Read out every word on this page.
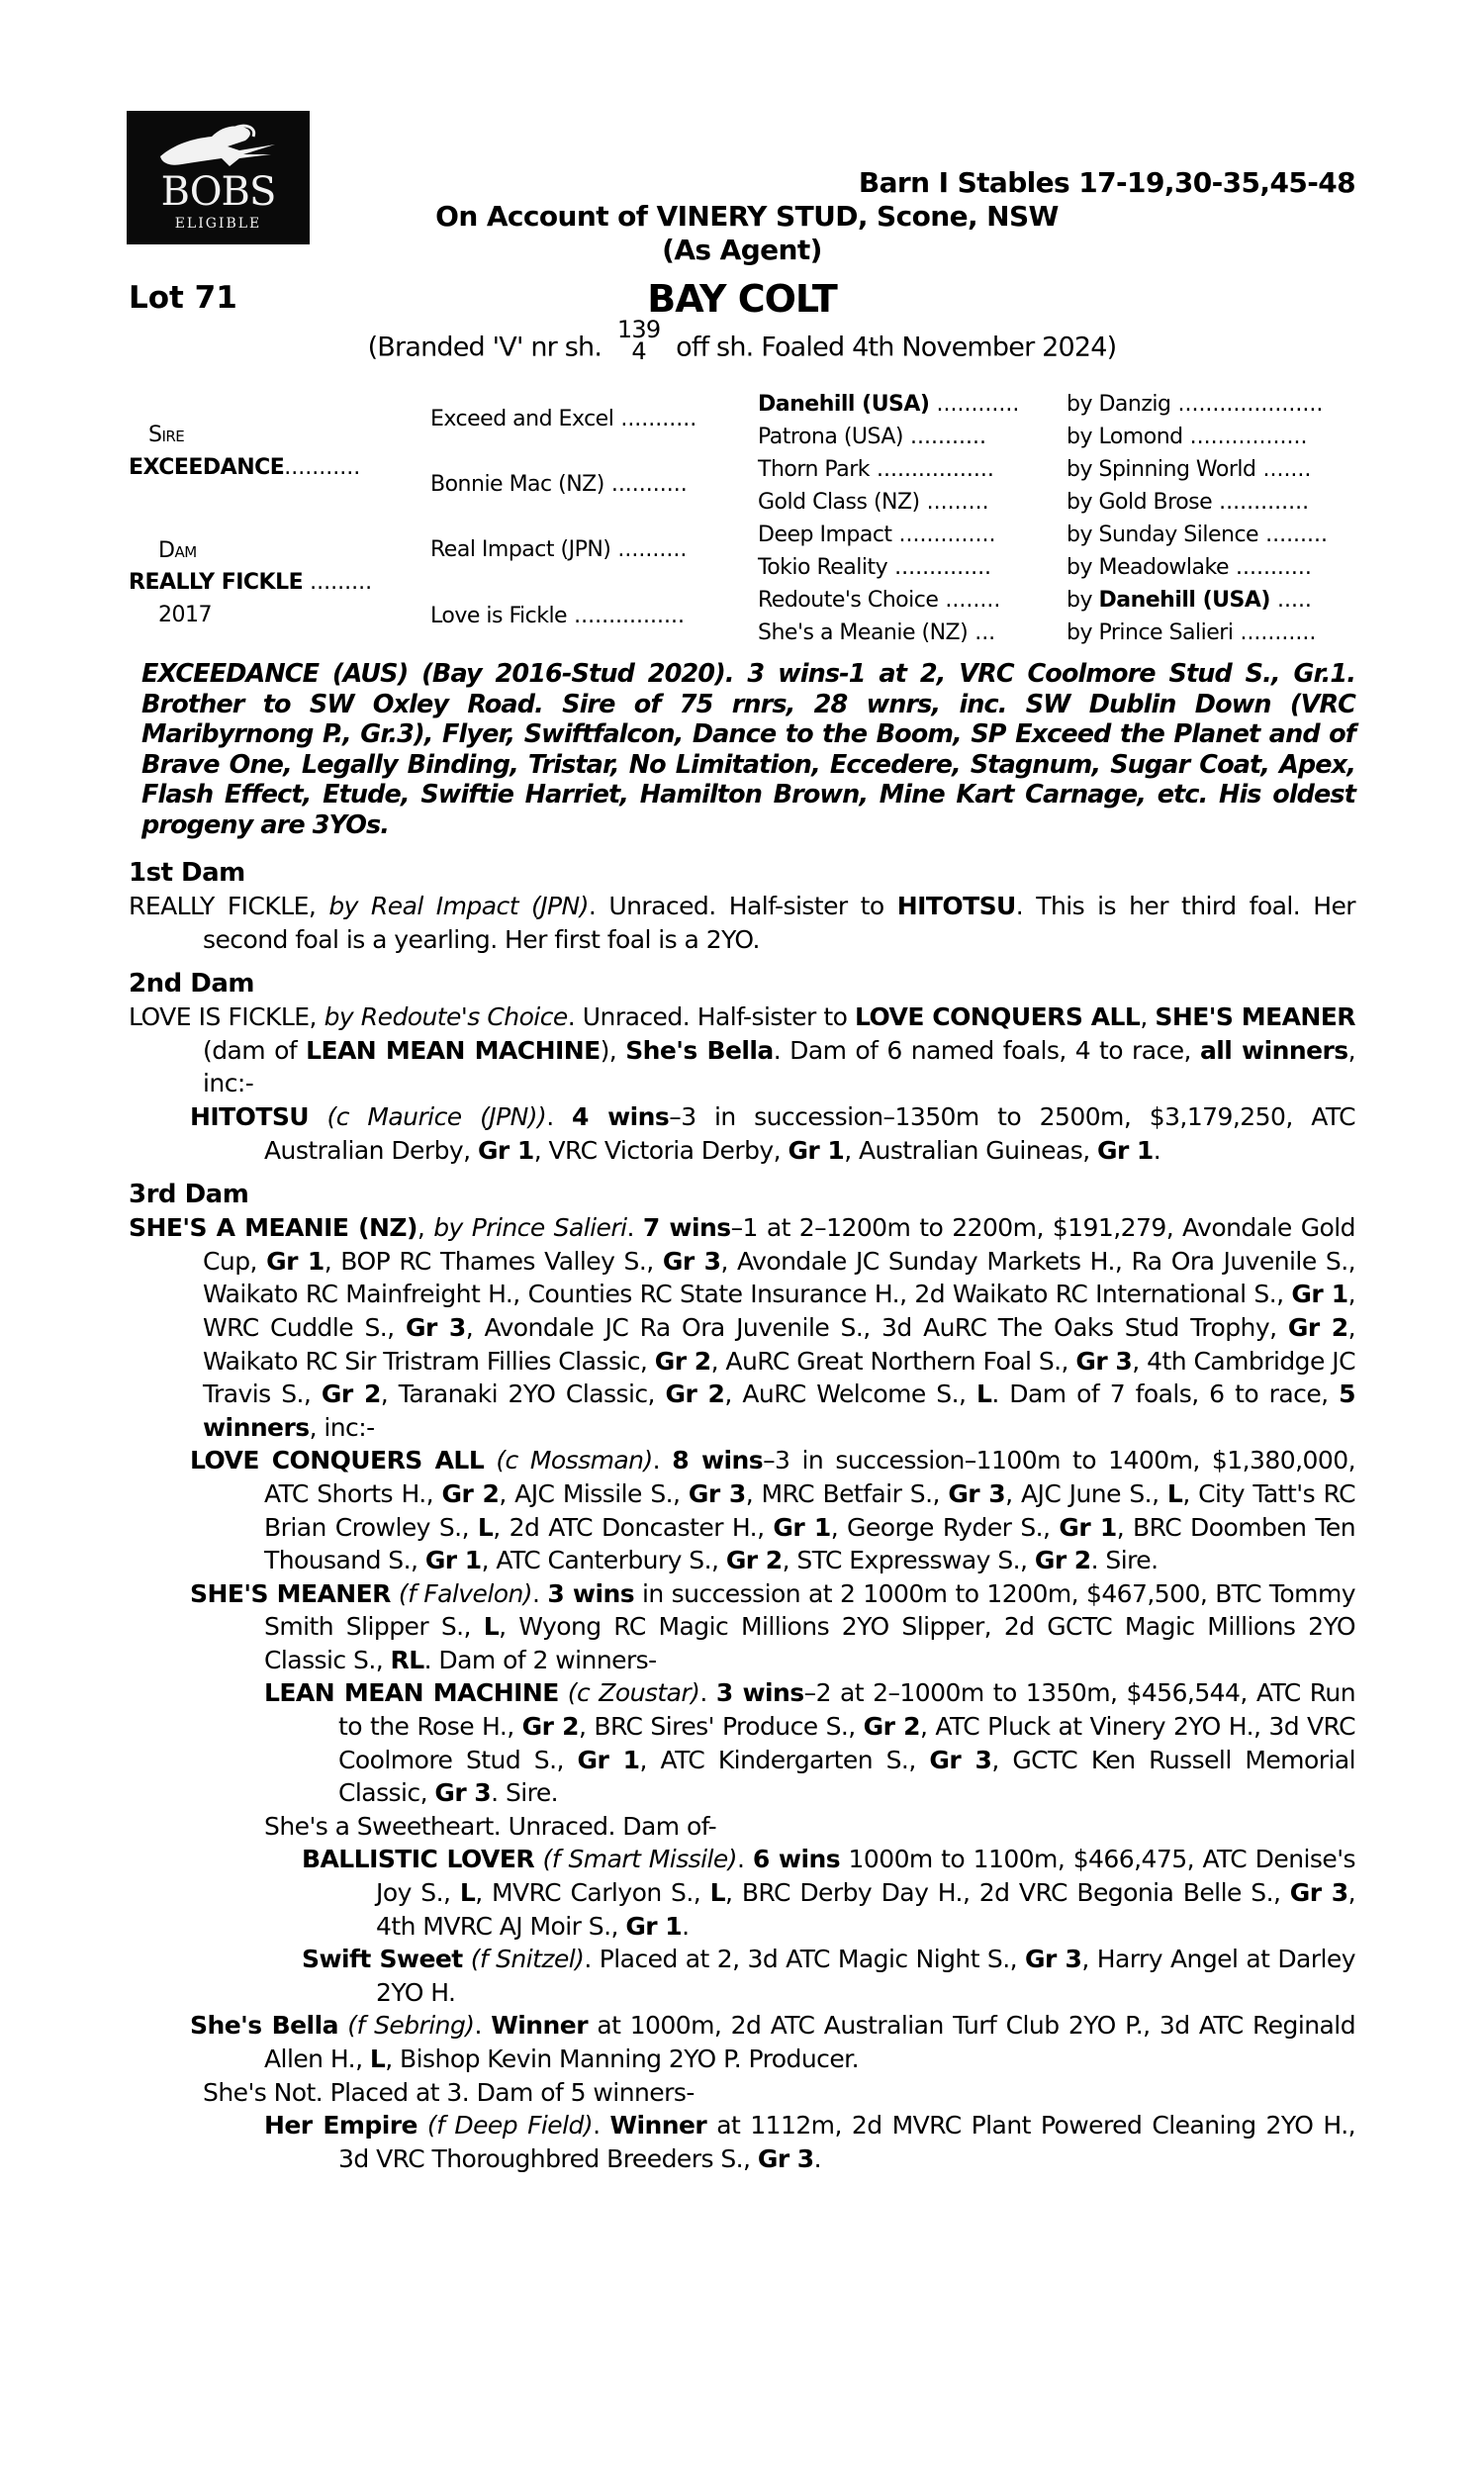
BOBS
ELIGIBLE
Barn I Stables 17-19,30-35,45-48
On Account of VINERY STUD, Scone, NSW
(As Agent)
Lot 71	BAY COLT
(Branded 'V' nr sh.
139
4	off sh. Foaled 4th November 2024)
Sire
EXCEEDANCE...........
Dam
REALLY FICKLE .........
2017
Exceed and Excel ...........
Bonnie Mac (NZ) ...........
Real Impact (JPN) ..........
Love is Fickle ................
Danehill (USA) ............ by Danzig .....................
Patrona (USA) ...........	by Lomond .................
Thorn Park .................	by Spinning World .......
Gold Class (NZ) .........	by Gold Brose .............
Deep Impact ..............	by Sunday Silence .........
Tokio Reality ..............	by Meadowlake ...........
Redoute's Choice ........	by Danehill (USA) .....
She's a Meanie (NZ) ...	by Prince Salieri ...........
EXCEEDANCE (AUS) (Bay 2016-Stud 2020). 3 wins-1 at 2, VRC Coolmore Stud S., Gr.1. Brother to SW Oxley Road. Sire of 75 rnrs, 28 wnrs, inc. SW Dublin Down (VRC Maribyrnong P., Gr.3), Flyer, Swiftfalcon, Dance to the Boom, SP Exceed the Planet and of Brave One, Legally Binding, Tristar, No Limitation, Eccedere, Stagnum, Sugar Coat, Apex, Flash Effect, Etude, Swiftie Harriet, Hamilton Brown, Mine Kart Carnage, etc. His oldest progeny are 3YOs.
1st Dam
REALLY FICKLE, by Real Impact (JPN). Unraced. Half-sister to HITOTSU. This is her third foal. Her second foal is a yearling. Her first foal is a 2YO.
2nd Dam
LOVE IS FICKLE, by Redoute's Choice. Unraced. Half-sister to LOVE CONQUERS ALL, SHE'S MEANER (dam of LEAN MEAN MACHINE), She's Bella. Dam of 6 named foals, 4 to race, all winners, inc:-
HITOTSU (c Maurice (JPN)). 4 wins–3 in succession–1350m to 2500m, $3,179,250, ATC Australian Derby, Gr 1, VRC Victoria Derby, Gr 1, Australian Guineas, Gr 1.
3rd Dam
SHE'S A MEANIE (NZ), by Prince Salieri. 7 wins–1 at 2–1200m to 2200m, $191,279, Avondale Gold Cup, Gr 1, BOP RC Thames Valley S., Gr 3, Avondale JC Sunday Markets H., Ra Ora Juvenile S., Waikato RC Mainfreight H., Counties RC State Insurance H., 2d Waikato RC International S., Gr 1, WRC Cuddle S., Gr 3, Avondale JC Ra Ora Juvenile S., 3d AuRC The Oaks Stud Trophy, Gr 2, Waikato RC Sir Tristram Fillies Classic, Gr 2, AuRC Great Northern Foal S., Gr 3, 4th Cambridge JC Travis S., Gr 2, Taranaki 2YO Classic, Gr 2, AuRC Welcome S., L. Dam of 7 foals, 6 to race, 5 winners, inc:-
LOVE CONQUERS ALL (c Mossman). 8 wins–3 in succession–1100m to 1400m, $1,380,000, ATC Shorts H., Gr 2, AJC Missile S., Gr 3, MRC Betfair S., Gr 3, AJC June S., L, City Tatt's RC Brian Crowley S., L, 2d ATC Doncaster H., Gr 1, George Ryder S., Gr 1, BRC Doomben Ten Thousand S., Gr 1, ATC Canterbury S., Gr 2, STC Expressway S., Gr 2. Sire.
SHE'S MEANER (f Falvelon). 3 wins in succession at 2 1000m to 1200m, $467,500, BTC Tommy Smith Slipper S., L, Wyong RC Magic Millions 2YO Slipper, 2d GCTC Magic Millions 2YO Classic S., RL. Dam of 2 winners-
LEAN MEAN MACHINE (c Zoustar). 3 wins–2 at 2–1000m to 1350m, $456,544, ATC Run to the Rose H., Gr 2, BRC Sires' Produce S., Gr 2, ATC Pluck at Vinery 2YO H., 3d VRC Coolmore Stud S., Gr 1, ATC Kindergarten S., Gr 3, GCTC Ken Russell Memorial Classic, Gr 3. Sire.
She's a Sweetheart. Unraced. Dam of-
BALLISTIC LOVER (f Smart Missile). 6 wins 1000m to 1100m, $466,475, ATC Denise's Joy S., L, MVRC Carlyon S., L, BRC Derby Day H., 2d VRC Begonia Belle S., Gr 3, 4th MVRC AJ Moir S., Gr 1.
Swift Sweet (f Snitzel). Placed at 2, 3d ATC Magic Night S., Gr 3, Harry Angel at Darley 2YO H.
She's Bella (f Sebring). Winner at 1000m, 2d ATC Australian Turf Club 2YO P., 3d ATC Reginald Allen H., L, Bishop Kevin Manning 2YO P. Producer.
She's Not. Placed at 3. Dam of 5 winners-
Her Empire (f Deep Field). Winner at 1112m, 2d MVRC Plant Powered Cleaning 2YO H., 3d VRC Thoroughbred Breeders S., Gr 3.
